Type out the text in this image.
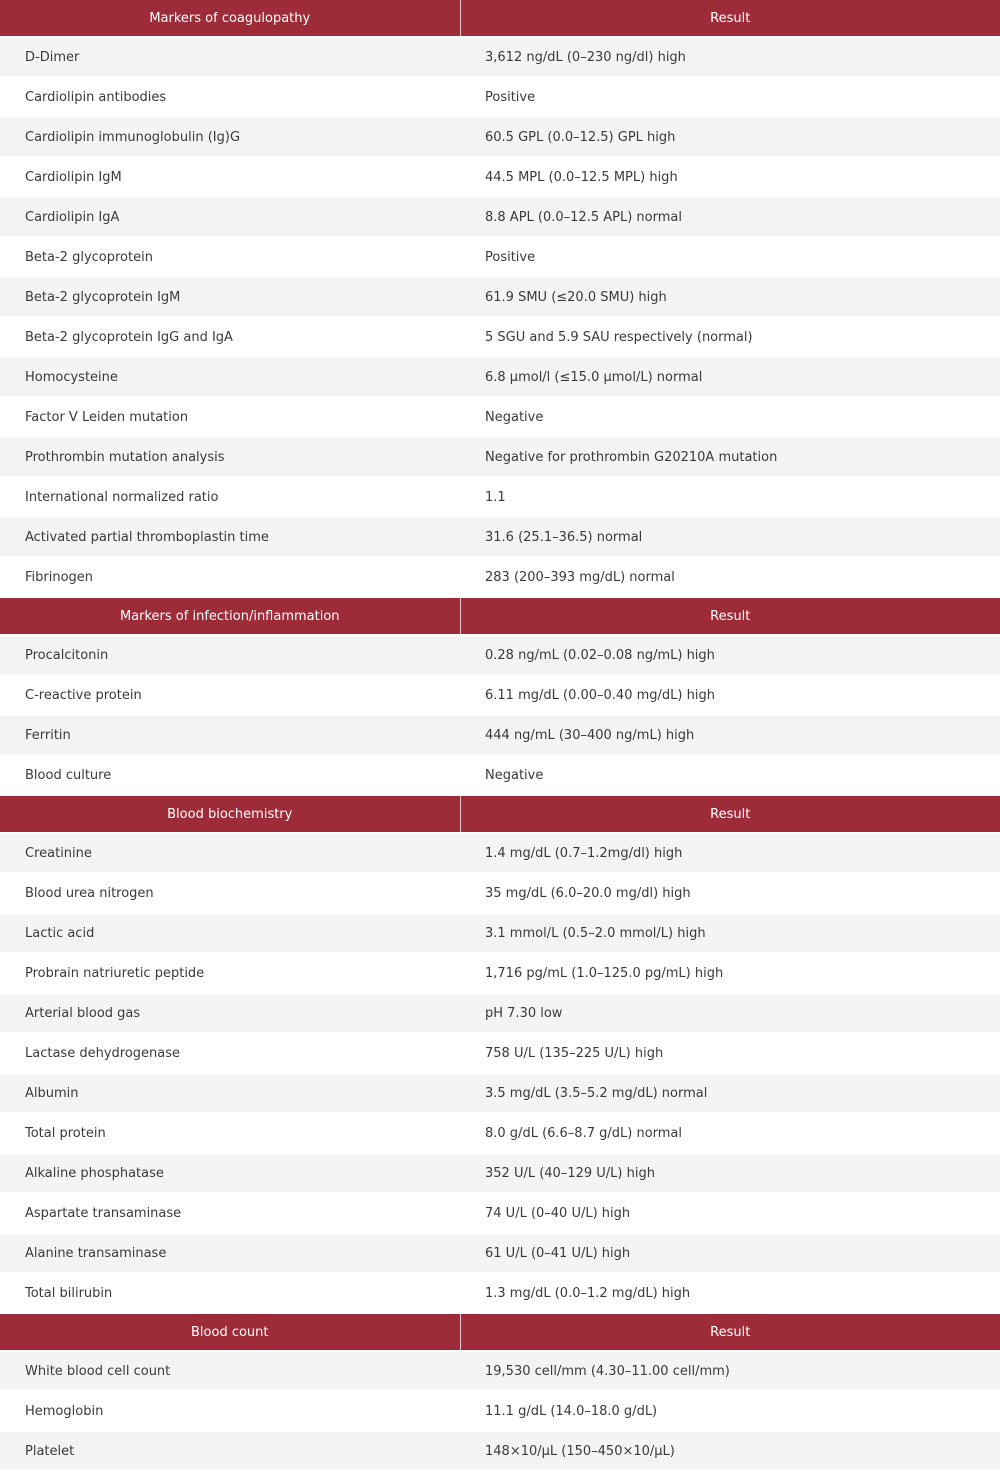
Markers of coagulopathy	Result
D-Dimer	3,612 ng/dL (0–230 ng/dl) high
Cardiolipin antibodies	Positive
Cardiolipin immunoglobulin (Ig)G	60.5 GPL (0.0–12.5) GPL high
Cardiolipin IgM	44.5 MPL (0.0–12.5 MPL) high
Cardiolipin IgA	8.8 APL (0.0–12.5 APL) normal
Beta-2 glycoprotein	Positive
Beta-2 glycoprotein IgM	61.9 SMU (≤20.0 SMU) high
Beta-2 glycoprotein IgG and IgA	5 SGU and 5.9 SAU respectively (normal)
Homocysteine	6.8 µmol/l (≤15.0 µmol/L) normal
Factor V Leiden mutation	Negative
Prothrombin mutation analysis	Negative for prothrombin G20210A mutation
International normalized ratio	1.1
Activated partial thromboplastin time	31.6 (25.1–36.5) normal
Fibrinogen	283 (200–393 mg/dL) normal
Markers of infection/inflammation	Result
Procalcitonin	0.28 ng/mL (0.02–0.08 ng/mL) high
C-reactive protein	6.11 mg/dL (0.00–0.40 mg/dL) high
Ferritin	444 ng/mL (30–400 ng/mL) high
Blood culture	Negative
Blood biochemistry	Result
Creatinine	1.4 mg/dL (0.7–1.2mg/dl) high
Blood urea nitrogen	35 mg/dL (6.0–20.0 mg/dl) high
Lactic acid	3.1 mmol/L (0.5–2.0 mmol/L) high
Probrain natriuretic peptide	1,716 pg/mL (1.0–125.0 pg/mL) high
Arterial blood gas	pH 7.30 low
Lactase dehydrogenase	758 U/L (135–225 U/L) high
Albumin	3.5 mg/dL (3.5–5.2 mg/dL) normal
Total protein	8.0 g/dL (6.6–8.7 g/dL) normal
Alkaline phosphatase	352 U/L (40–129 U/L) high
Aspartate transaminase	74 U/L (0–40 U/L) high
Alanine transaminase	61 U/L (0–41 U/L) high
Total bilirubin	1.3 mg/dL (0.0–1.2 mg/dL) high
Blood count	Result
White blood cell count	19,530 cell/mm (4.30–11.00 cell/mm)
Hemoglobin	11.1 g/dL (14.0–18.0 g/dL)
Platelet	148×10/µL (150–450×10/µL)
